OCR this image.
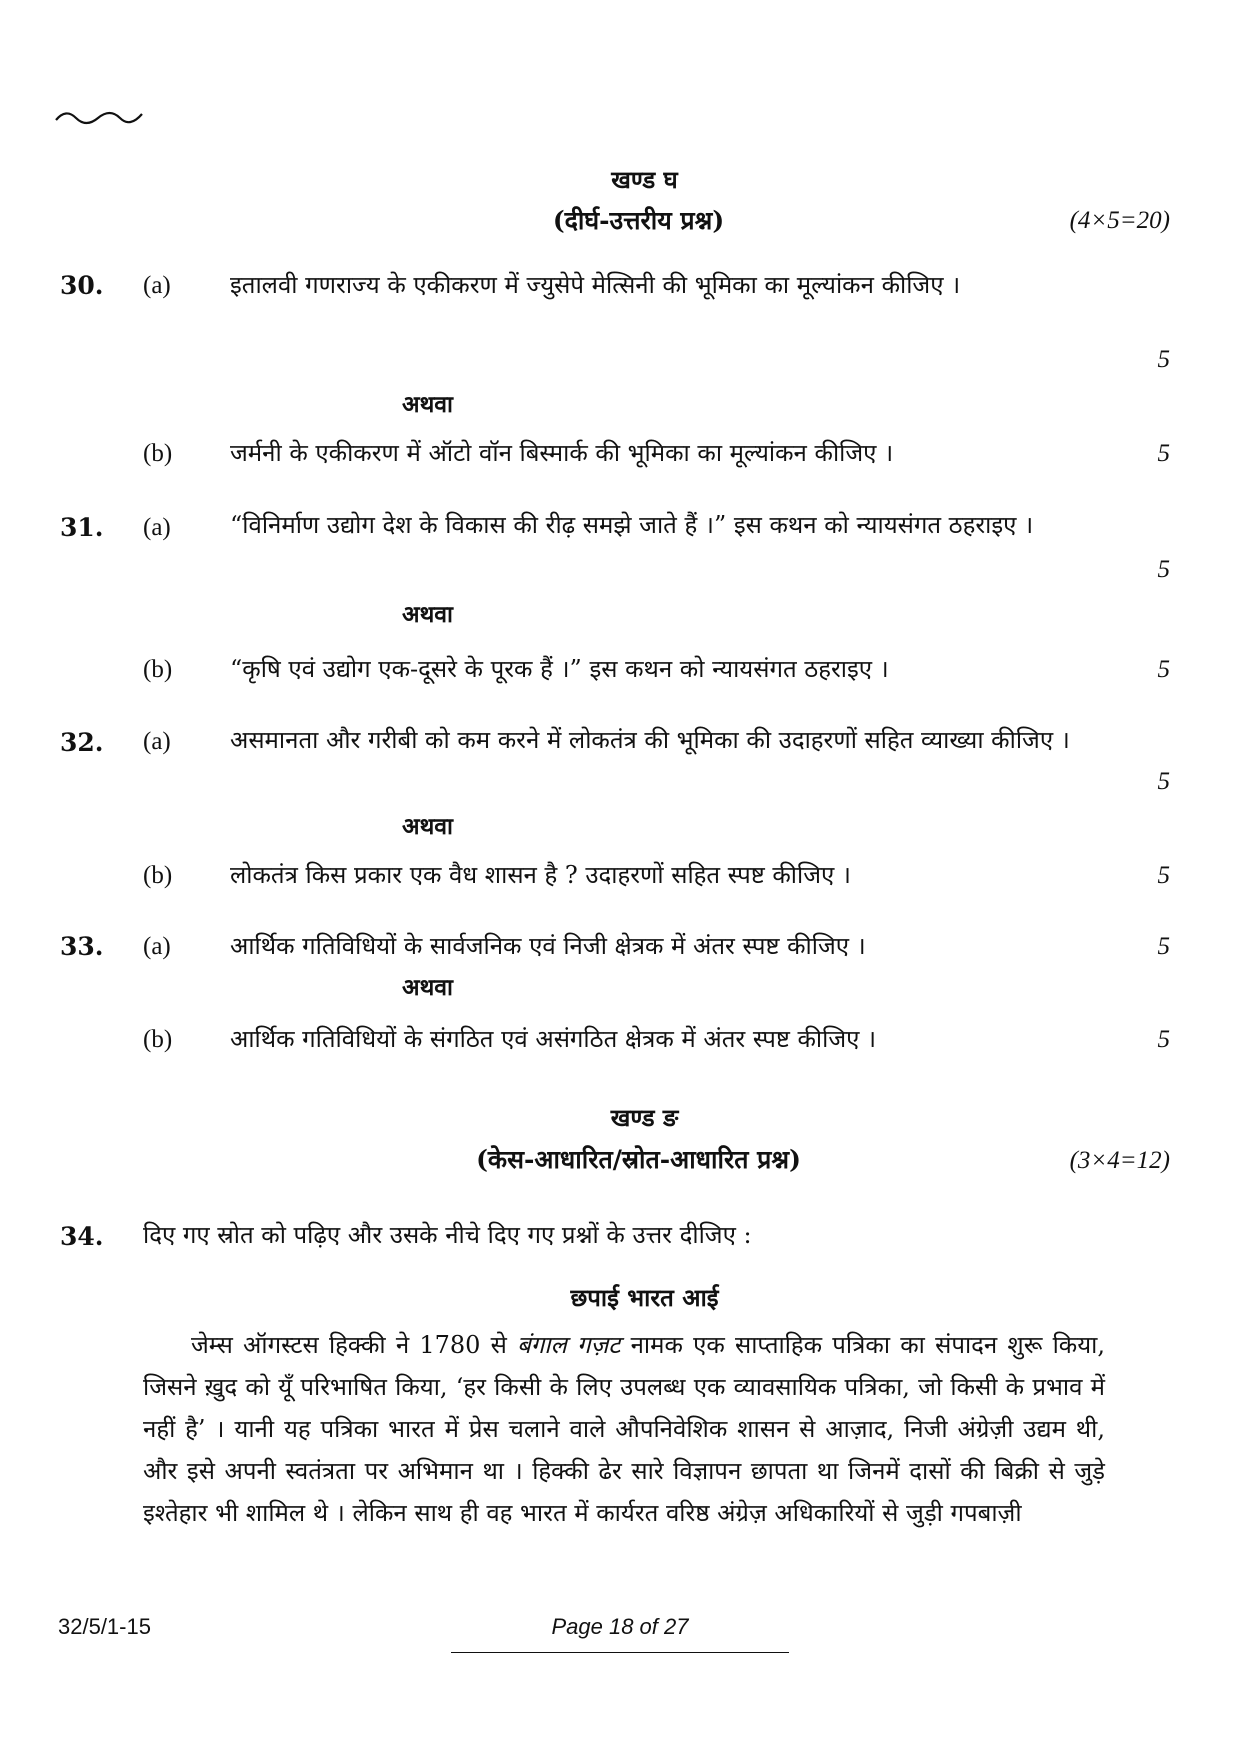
खण्ड घ
(दीर्घ-उत्तरीय प्रश्न)	(4×5=20)
30. (a) इतालवी गणराज्य के एकीकरण में ज्युसेपे मेत्सिनी की भूमिका का मूल्यांकन कीजिए ।
5
अथवा
(b) जर्मनी के एकीकरण में ऑटो वॉन बिस्मार्क की भूमिका का मूल्यांकन कीजिए ।	5
31. (a) “विनिर्माण उद्योग देश के विकास की रीढ़ समझे जाते हैं ।” इस कथन को न्यायसंगत ठहराइए ।
5
अथवा
(b) “कृषि एवं उद्योग एक-दूसरे के पूरक हैं ।” इस कथन को न्यायसंगत ठहराइए ।	5
32. (a) असमानता और गरीबी को कम करने में लोकतंत्र की भूमिका की उदाहरणों सहित व्याख्या कीजिए ।
5
अथवा
(b) लोकतंत्र किस प्रकार एक वैध शासन है ? उदाहरणों सहित स्पष्ट कीजिए ।	5
33. (a) आर्थिक गतिविधियों के सार्वजनिक एवं निजी क्षेत्रक में अंतर स्पष्ट कीजिए ।	5
अथवा
(b) आर्थिक गतिविधियों के संगठित एवं असंगठित क्षेत्रक में अंतर स्पष्ट कीजिए ।	5
खण्ड ङ
(केस-आधारित/स्रोत-आधारित प्रश्न)	(3×4=12)
34. दिए गए स्रोत को पढ़िए और उसके नीचे दिए गए प्रश्नों के उत्तर दीजिए :
छपाई भारत आई

जेम्स ऑगस्टस हिक्की ने 1780 से बंगाल गज़ट नामक एक साप्ताहिक पत्रिका का संपादन शुरू किया, जिसने ख़ुद को यूँ परिभाषित किया, ‘हर किसी के लिए उपलब्ध एक व्यावसायिक पत्रिका, जो किसी के प्रभाव में नहीं है’ । यानी यह पत्रिका भारत में प्रेस चलाने वाले औपनिवेशिक शासन से आज़ाद, निजी अंग्रेज़ी उद्यम थी, और इसे अपनी स्वतंत्रता पर अभिमान था । हिक्की ढेर सारे विज्ञापन छापता था जिनमें दासों की बिक्री से जुड़े इश्तेहार भी शामिल थे । लेकिन साथ ही वह भारत में कार्यरत वरिष्ठ अंग्रेज़ अधिकारियों से जुड़ी गपबाज़ी

32/5/1-15	Page 18 of 27
